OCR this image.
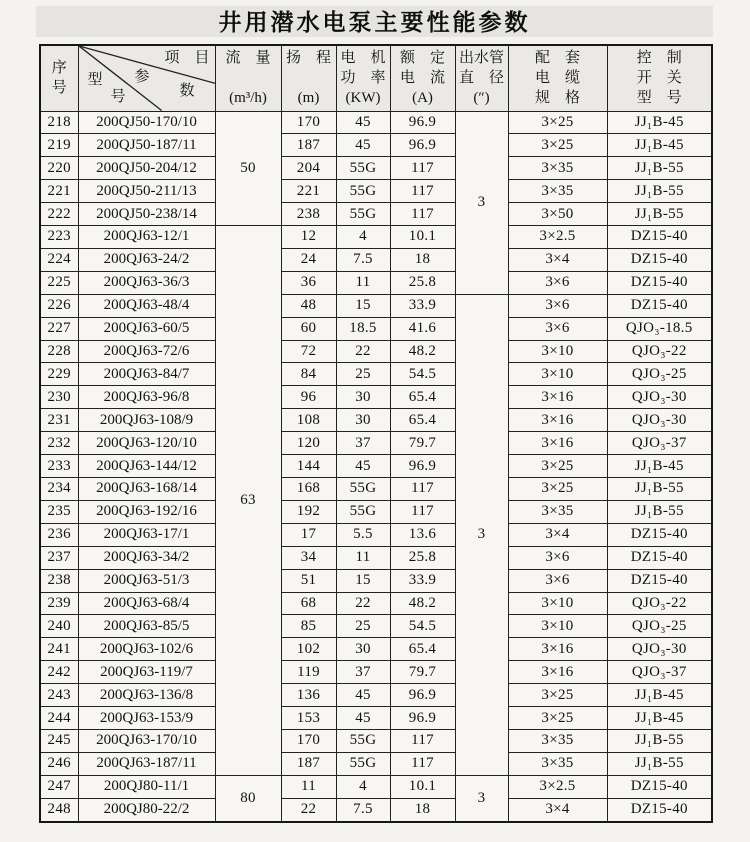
井用潜水电泵主要性能参数
序
号

项　目
参
数
型
号

流　量
(m³/h)

扬　程
(m)

电　机
功　率
(KW)

额　定
电　流
(A)

出水管
直　径
(″)

配　套
电　缆
规　格

控　制
开　关
型　号

218	200QJ50-170/10	50	170	45	96.9	3	3×25	JJ₁B-45
219	200QJ50-187/11		187	45	96.9		3×25	JJ₁B-45
220	200QJ50-204/12		204	55G	117		3×35	JJ₁B-55
221	200QJ50-211/13		221	55G	117		3×35	JJ₁B-55
222	200QJ50-238/14		238	55G	117		3×50	JJ₁B-55
223	200QJ63-12/1	63	12	4	10.1		3×2.5	DZ15-40
224	200QJ63-24/2		24	7.5	18		3×4	DZ15-40
225	200QJ63-36/3		36	11	25.8		3×6	DZ15-40
226	200QJ63-48/4		48	15	33.9	3	3×6	DZ15-40
227	200QJ63-60/5		60	18.5	41.6		3×6	QJO₃-18.5
228	200QJ63-72/6		72	22	48.2		3×10	QJO₃-22
229	200QJ63-84/7		84	25	54.5		3×10	QJO₃-25
230	200QJ63-96/8		96	30	65.4		3×16	QJO₃-30
231	200QJ63-108/9		108	30	65.4		3×16	QJO₃-30
232	200QJ63-120/10		120	37	79.7		3×16	QJO₃-37
233	200QJ63-144/12		144	45	96.9		3×25	JJ₁B-45
234	200QJ63-168/14		168	55G	117		3×25	JJ₁B-55
235	200QJ63-192/16		192	55G	117		3×35	JJ₁B-55
236	200QJ63-17/1		17	5.5	13.6		3×4	DZ15-40
237	200QJ63-34/2		34	11	25.8		3×6	DZ15-40
238	200QJ63-51/3		51	15	33.9		3×6	DZ15-40
239	200QJ63-68/4		68	22	48.2		3×10	QJO₃-22
240	200QJ63-85/5		85	25	54.5		3×10	QJO₃-25
241	200QJ63-102/6		102	30	65.4		3×16	QJO₃-30
242	200QJ63-119/7		119	37	79.7		3×16	QJO₃-37
243	200QJ63-136/8		136	45	96.9		3×25	JJ₁B-45
244	200QJ63-153/9		153	45	96.9		3×25	JJ₁B-45
245	200QJ63-170/10		170	55G	117		3×35	JJ₁B-55
246	200QJ63-187/11		187	55G	117		3×35	JJ₁B-55
247	200QJ80-11/1	80	11	4	10.1	3	3×2.5	DZ15-40
248	200QJ80-22/2		22	7.5	18		3×4	DZ15-40
